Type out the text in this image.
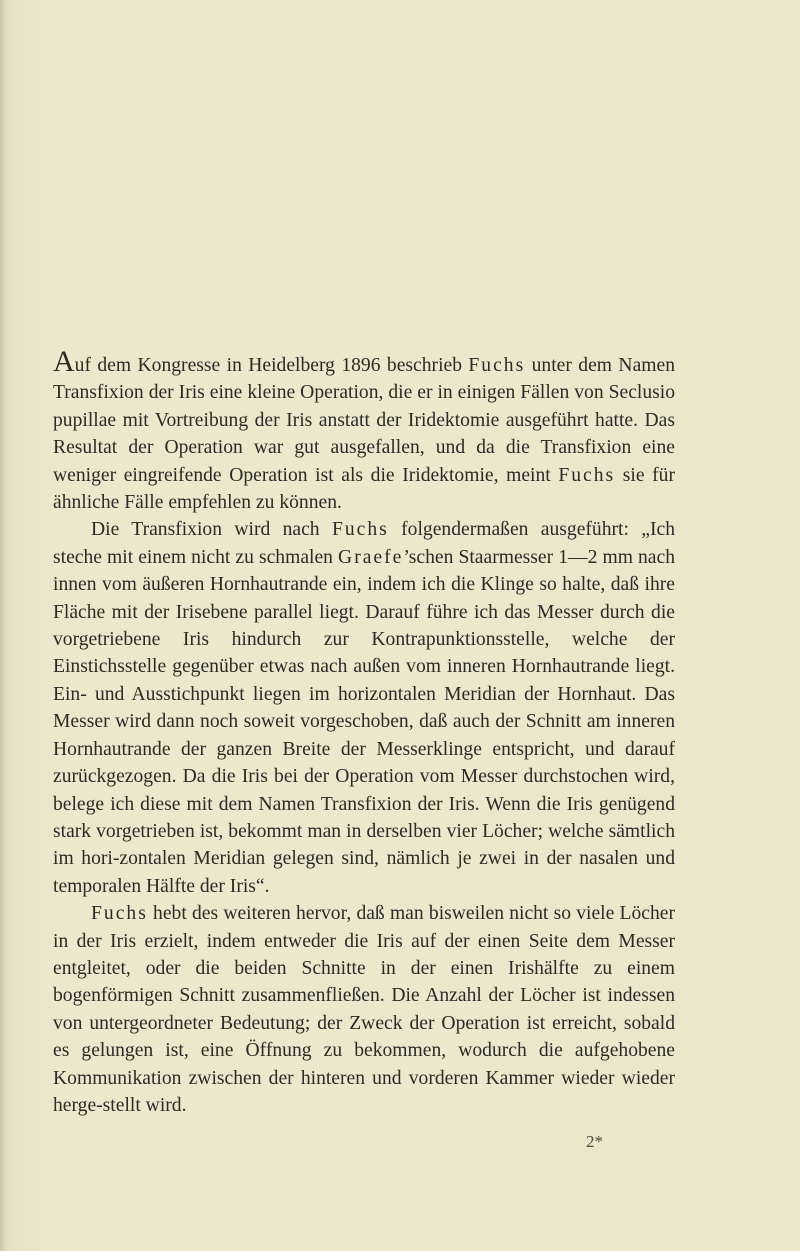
Auf dem Kongresse in Heidelberg 1896 beschrieb Fuchs unter dem Namen Transfixion der Iris eine kleine Operation, die er in einigen Fällen von Seclusio pupillae mit Vortreibung der Iris anstatt der Iridektomie ausgeführt hatte. Das Resultat der Operation war gut ausgefallen, und da die Transfixion eine weniger eingreifende Operation ist als die Iridektomie, meint Fuchs sie für ähnliche Fälle empfehlen zu können.

Die Transfixion wird nach Fuchs folgendermaßen ausgeführt: „Ich steche mit einem nicht zu schmalen Graefe’schen Staarmesser 1—2 mm nach innen vom äußeren Hornhautrande ein, indem ich die Klinge so halte, daß ihre Fläche mit der Irisebene parallel liegt. Darauf führe ich das Messer durch die vorgetriebene Iris hindurch zur Kontrapunktionsstelle, welche der Einstichsstelle gegenüber etwas nach außen vom inneren Hornhautrande liegt. Ein- und Ausstichpunkt liegen im horizontalen Meridian der Hornhaut. Das Messer wird dann noch soweit vorgeschoben, daß auch der Schnitt am inneren Hornhautrande der ganzen Breite der Messerklinge entspricht, und darauf zurückgezogen. Da die Iris bei der Operation vom Messer durchstochen wird, belege ich diese mit dem Namen Transfixion der Iris. Wenn die Iris genügend stark vorgetrieben ist, bekommt man in derselben vier Löcher; welche sämtlich im hori-zontalen Meridian gelegen sind, nämlich je zwei in der nasalen und temporalen Hälfte der Iris“.

Fuchs hebt des weiteren hervor, daß man bisweilen nicht so viele Löcher in der Iris erzielt, indem entweder die Iris auf der einen Seite dem Messer entgleitet, oder die beiden Schnitte in der einen Irishälfte zu einem bogenförmigen Schnitt zusammenfließen. Die Anzahl der Löcher ist indessen von untergeordneter Bedeutung; der Zweck der Operation ist erreicht, sobald es gelungen ist, eine Öffnung zu bekommen, wodurch die aufgehobene Kommunikation zwischen der hinteren und vorderen Kammer wieder wieder herge-stellt wird.

2*
